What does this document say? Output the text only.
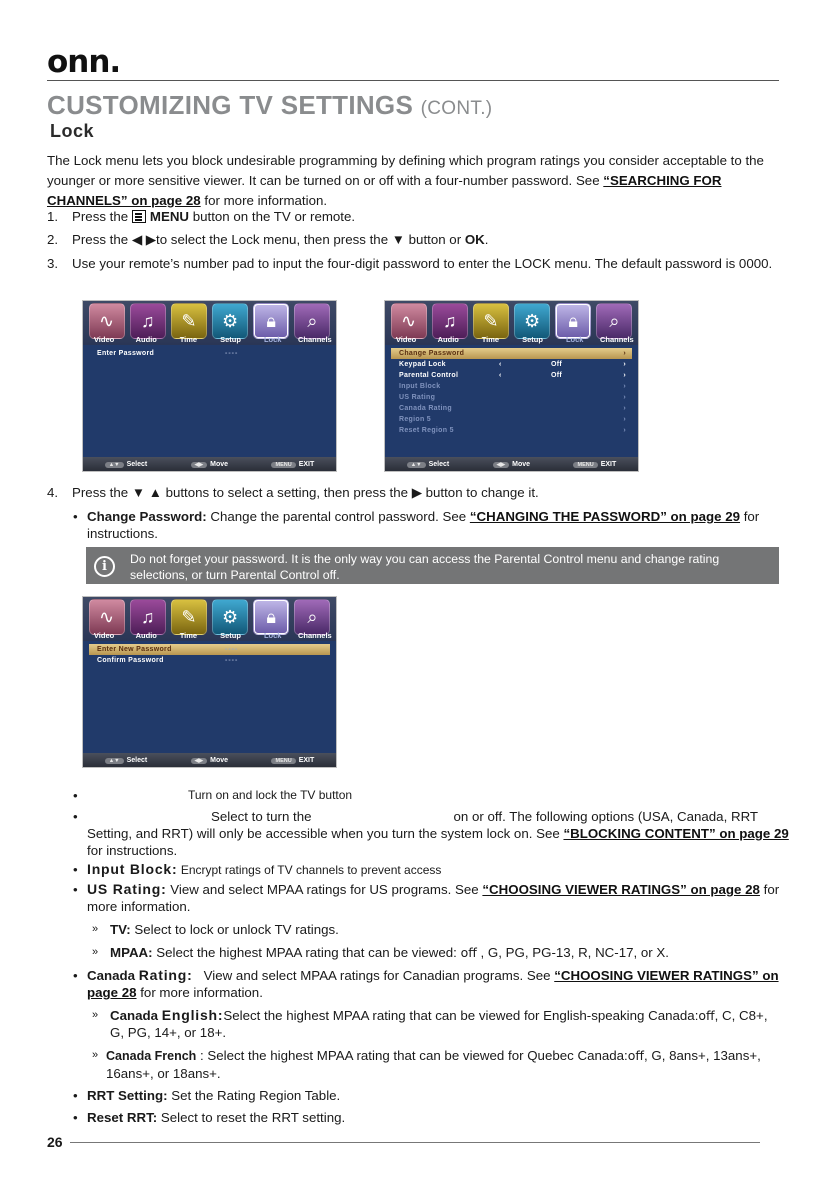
onn.
CUSTOMIZING TV SETTINGS (CONT.)
Lock
The Lock menu lets you block undesirable programming by defining which program ratings you consider acceptable to the younger or more sensitive viewer. It can be turned on or off with a four-number password. See “SEARCHING FOR CHANNELS” on page 28 for more information.
1. Press the
MENU button on the TV or remote.
2. Press the ◀ ▶to select the Lock menu, then press the ▼ button or OK.
3. Use your remote’s number pad to input the four-digit password to enter the LOCK menu. The default password is 0000.
∿	♫	✎	⚙	🔒︎	⌕
Video	Audio	Time	Setup	Lock	Channels
Enter Password	----
▲▼ Select	◀▶ Move	MENU EXIT
∿	♫	✎	⚙	🔒︎	⌕
Video	Audio	Time	Setup	Lock	Channels
Change Password	›
Keypad Lock	‹	Off	›
Parental Control	‹	Off	›
Input Block	›
US Rating	›
Canada Rating	›
Region 5	›
Reset Region 5	›
▲▼ Select	◀▶ Move	MENU EXIT
4. Press the ▼ ▲ buttons to select a setting, then press the ▶ button to change it.
• Change Password: Change the parental control password. See “CHANGING THE PASSWORD” on page 29 for instructions.
i	Do not forget your password. It is the only way you can access the Parental Control menu and change rating selections, or turn Parental Control off.
∿	♫	✎	⚙	🔒︎	⌕
Video	Audio	Time	Setup	Lock	Channels
Enter New Password	----
Confirm Password	----
▲▼ Select	◀▶ Move	MENU EXIT
•	Turn on and lock the TV button
•	Select to turn the	on or off. The following options (USA, Canada, RRT Setting, and RRT) will only be accessible when you turn the system lock on. See “BLOCKING CONTENT” on page 29 for instructions.
• Input Block: Encrypt ratings of TV channels to prevent access
• US Rating: View and select MPAA ratings for US programs. See “CHOOSING VIEWER RATINGS” on page 28 for more information.
» TV: Select to lock or unlock TV ratings.
» MPAA: Select the highest MPAA rating that can be viewed: off , G, PG, PG-13, R, NC-17, or X.
• Canada Rating:   View and select MPAA ratings for Canadian programs. See “CHOOSING VIEWER RATINGS” on page 28 for more information.
» Canada English:Select the highest MPAA rating that can be viewed for English-speaking Canada:off, C, C8+, G, PG, 14+, or 18+.
» Canada French : Select the highest MPAA rating that can be viewed for Quebec Canada:off, G, 8ans+, 13ans+, 16ans+, or 18ans+.
• RRT Setting: Set the Rating Region Table.
• Reset RRT: Select to reset the RRT setting.
26
